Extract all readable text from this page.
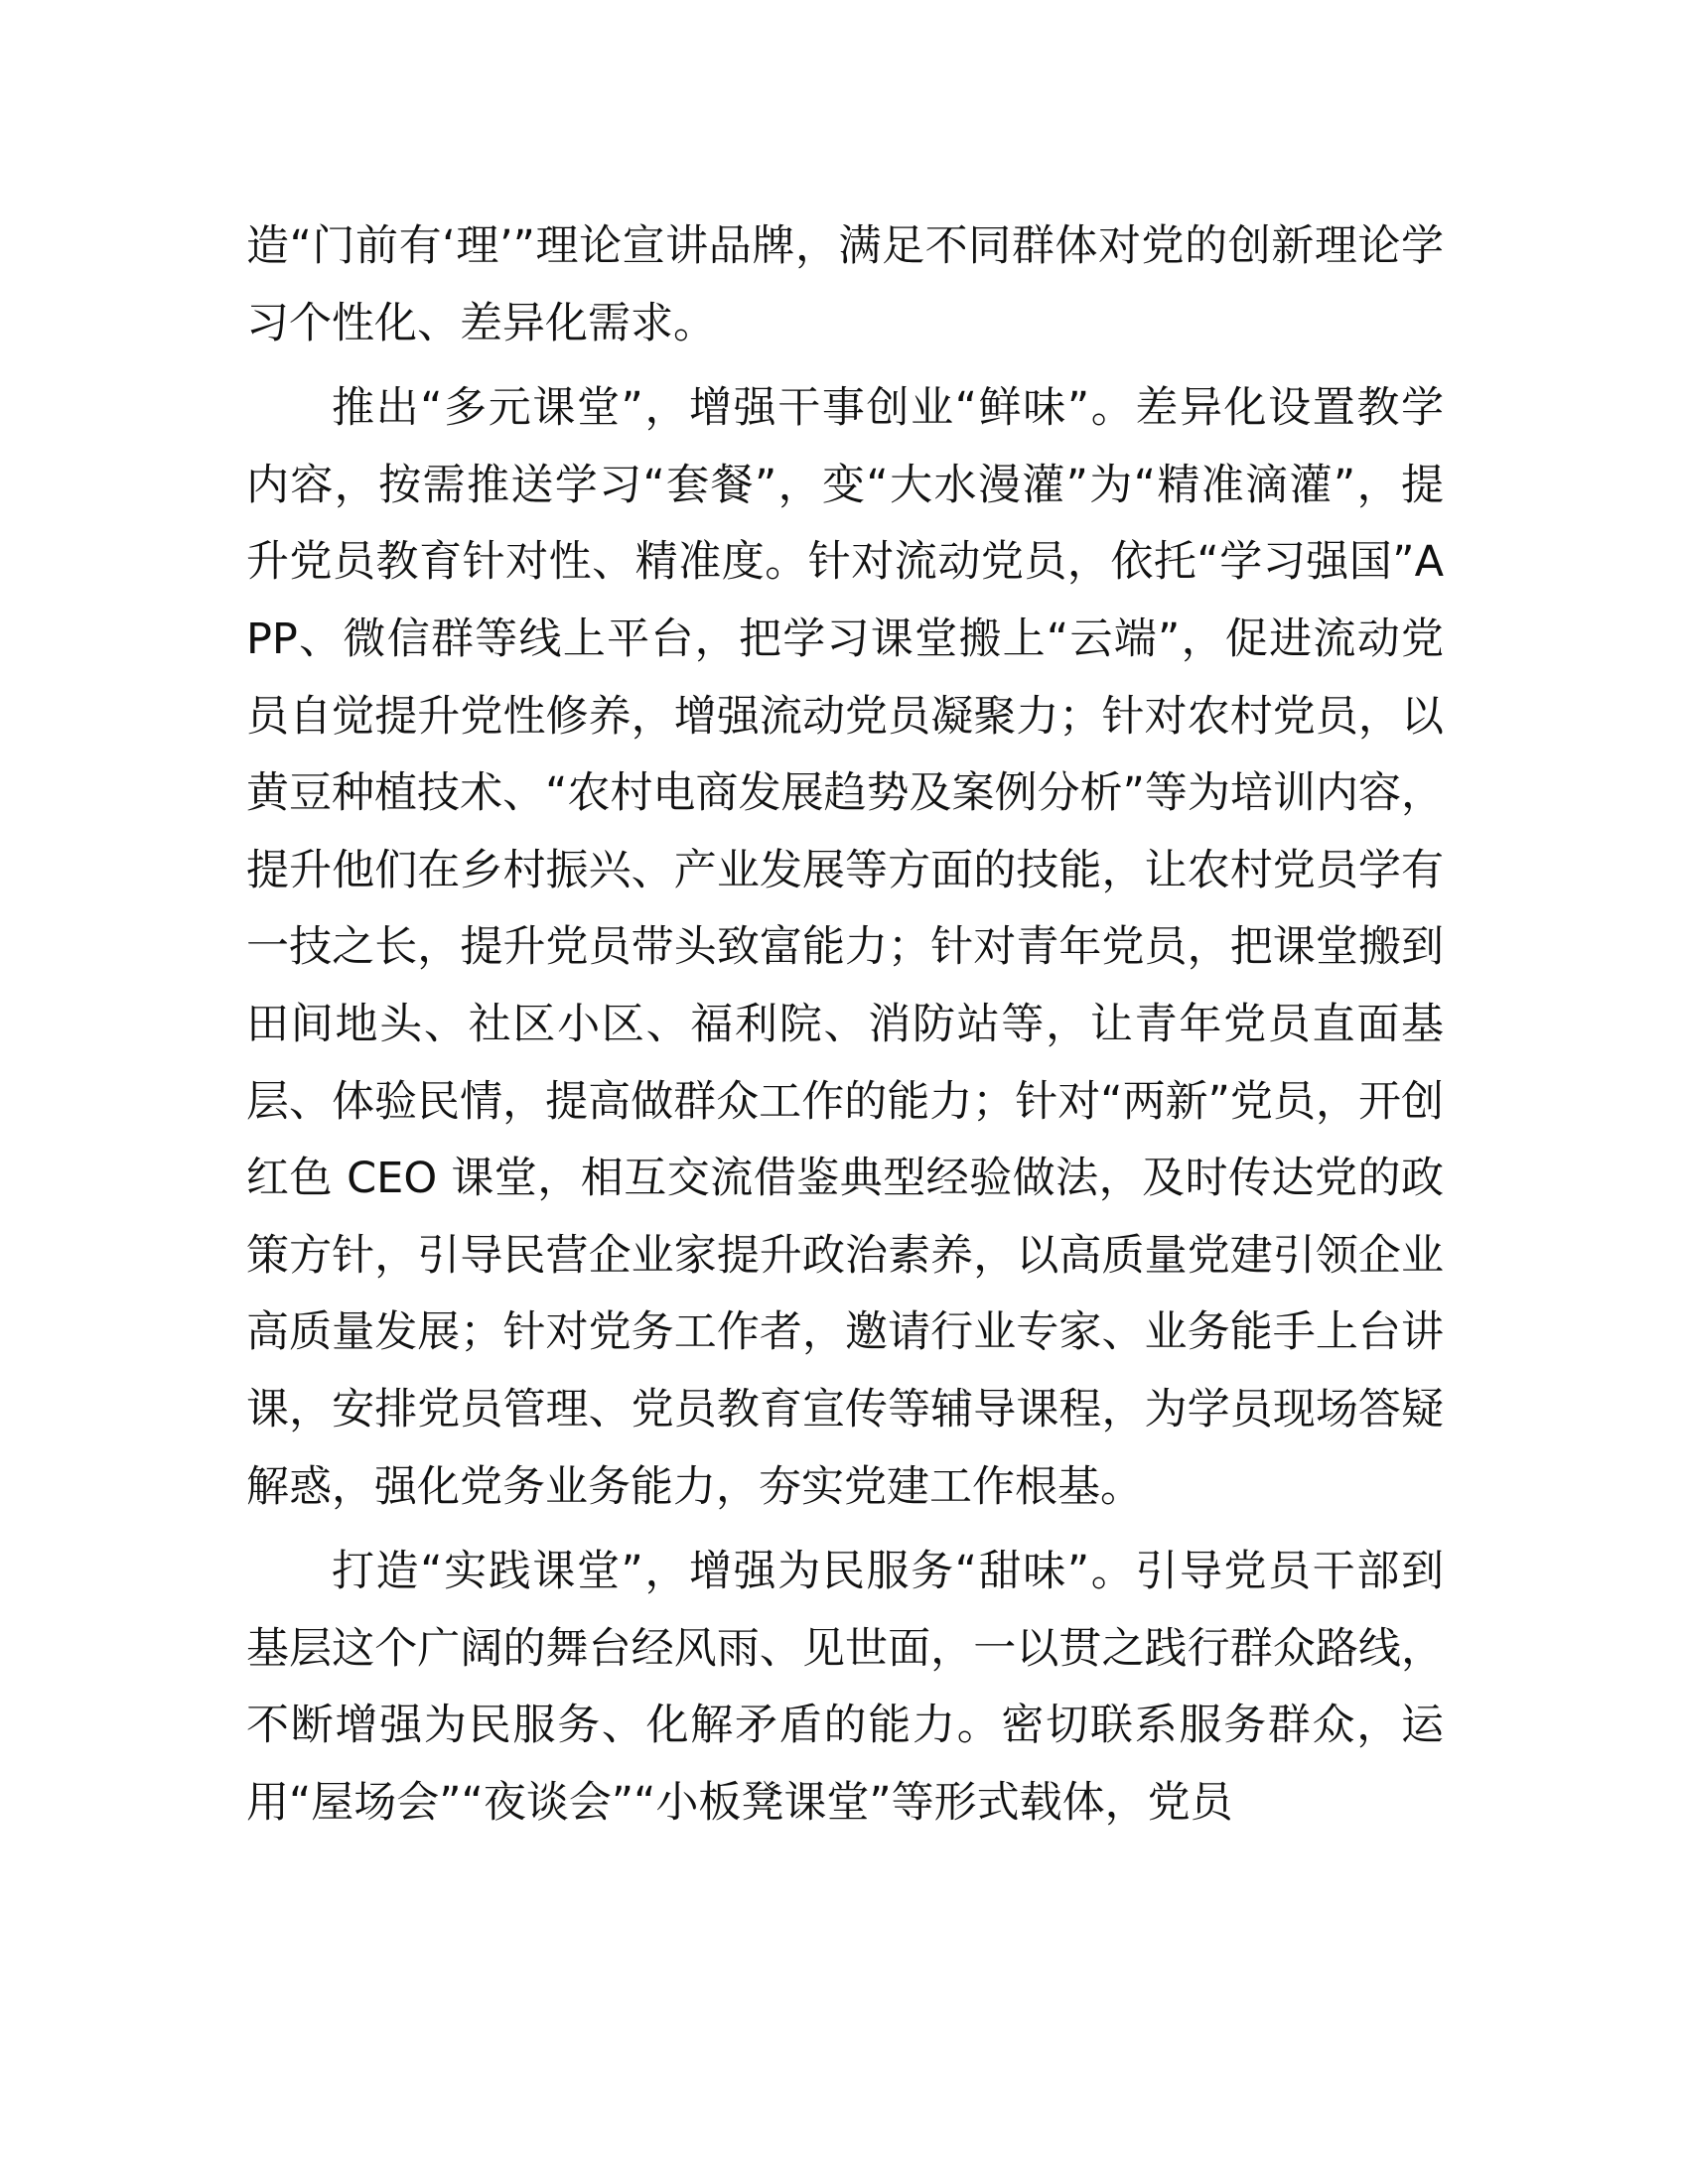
造“门前有‘理’”理论宣讲品牌，满足不同群体对党的创新理论学习个性化、差异化需求。

推出“多元课堂”，增强干事创业“鲜味”。差异化设置教学内容，按需推送学习“套餐”，变“大水漫灌”为“精准滴灌”，提升党员教育针对性、精准度。针对流动党员，依托“学习强国”APP、微信群等线上平台，把学习课堂搬上“云端”，促进流动党员自觉提升党性修养，增强流动党员凝聚力；针对农村党员，以黄豆种植技术、“农村电商发展趋势及案例分析”等为培训内容，提升他们在乡村振兴、产业发展等方面的技能，让农村党员学有一技之长，提升党员带头致富能力；针对青年党员，把课堂搬到田间地头、社区小区、福利院、消防站等，让青年党员直面基层、体验民情，提高做群众工作的能力；针对“两新”党员，开创红色 CEO 课堂，相互交流借鉴典型经验做法，及时传达党的政策方针，引导民营企业家提升政治素养，以高质量党建引领企业高质量发展；针对党务工作者，邀请行业专家、业务能手上台讲课，安排党员管理、党员教育宣传等辅导课程，为学员现场答疑解惑，强化党务业务能力，夯实党建工作根基。

打造“实践课堂”，增强为民服务“甜味”。引导党员干部到基层这个广阔的舞台经风雨、见世面，一以贯之践行群众路线，不断增强为民服务、化解矛盾的能力。密切联系服务群众，运用“屋场会”“夜谈会”“小板凳课堂”等形式载体，党员
